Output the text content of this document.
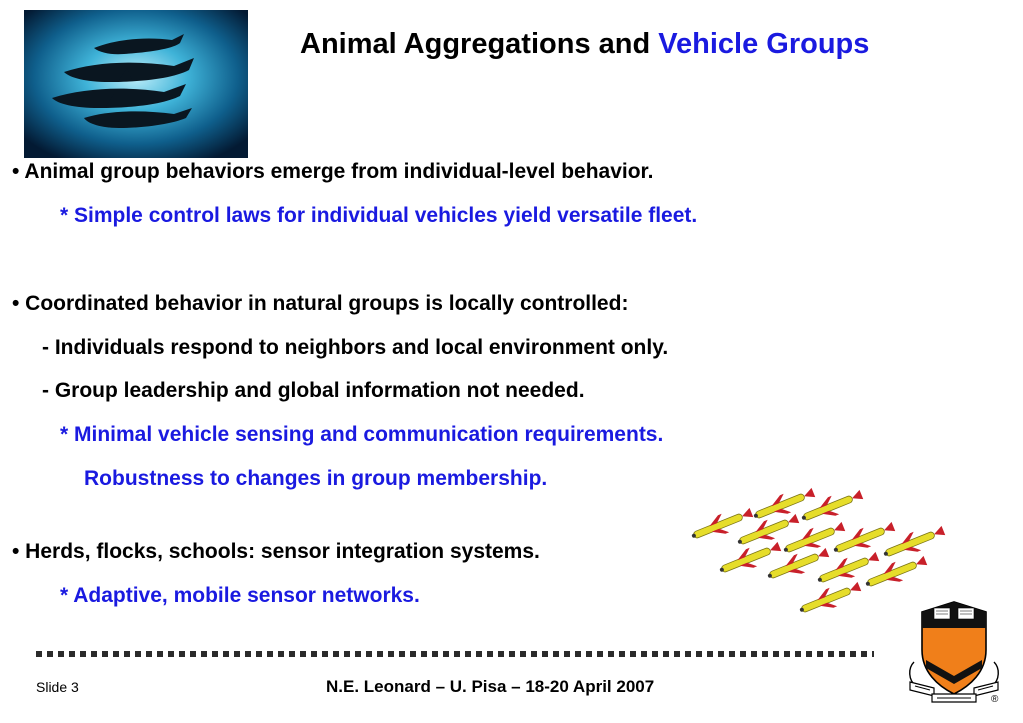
Animal Aggregations and Vehicle Groups
• Animal group behaviors emerge from individual-level behavior.
* Simple control laws for individual vehicles yield versatile fleet.
• Coordinated behavior in natural groups is locally controlled:
- Individuals respond to neighbors and local environment only.
- Group leadership and global information not needed.
* Minimal vehicle sensing and communication requirements.
Robustness to changes in group membership.
• Herds, flocks, schools: sensor integration systems.
* Adaptive, mobile sensor networks.
Slide 3	N.E. Leonard – U. Pisa – 18-20 April 2007
®
